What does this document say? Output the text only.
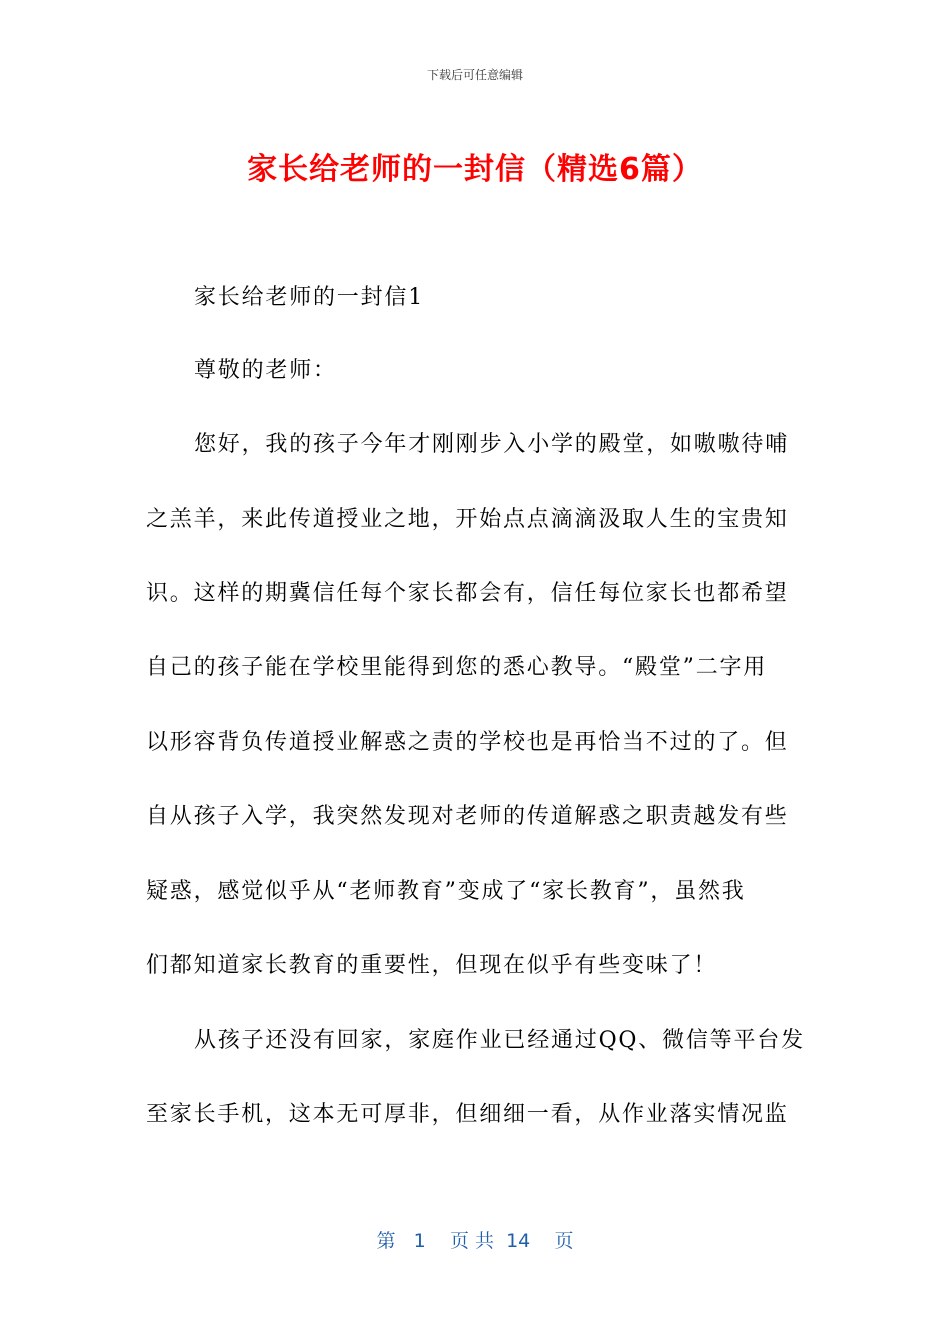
下载后可任意编辑
家长给老师的一封信（精选6篇）
家长给老师的一封信1
尊敬的老师：
您好，我的孩子今年才刚刚步入小学的殿堂，如嗷嗷待哺
之羔羊，来此传道授业之地，开始点点滴滴汲取人生的宝贵知
识。这样的期冀信任每个家长都会有，信任每位家长也都希望
自己的孩子能在学校里能得到您的悉心教导。“殿堂”二字用
以形容背负传道授业解惑之责的学校也是再恰当不过的了。但
自从孩子入学，我突然发现对老师的传道解惑之职责越发有些
疑惑，感觉似乎从“老师教育”变成了“家长教育”，虽然我
们都知道家长教育的重要性，但现在似乎有些变味了！
从孩子还没有回家，家庭作业已经通过QQ、微信等平台发
至家长手机，这本无可厚非，但细细一看，从作业落实情况监
第 1 页 共 14 页
